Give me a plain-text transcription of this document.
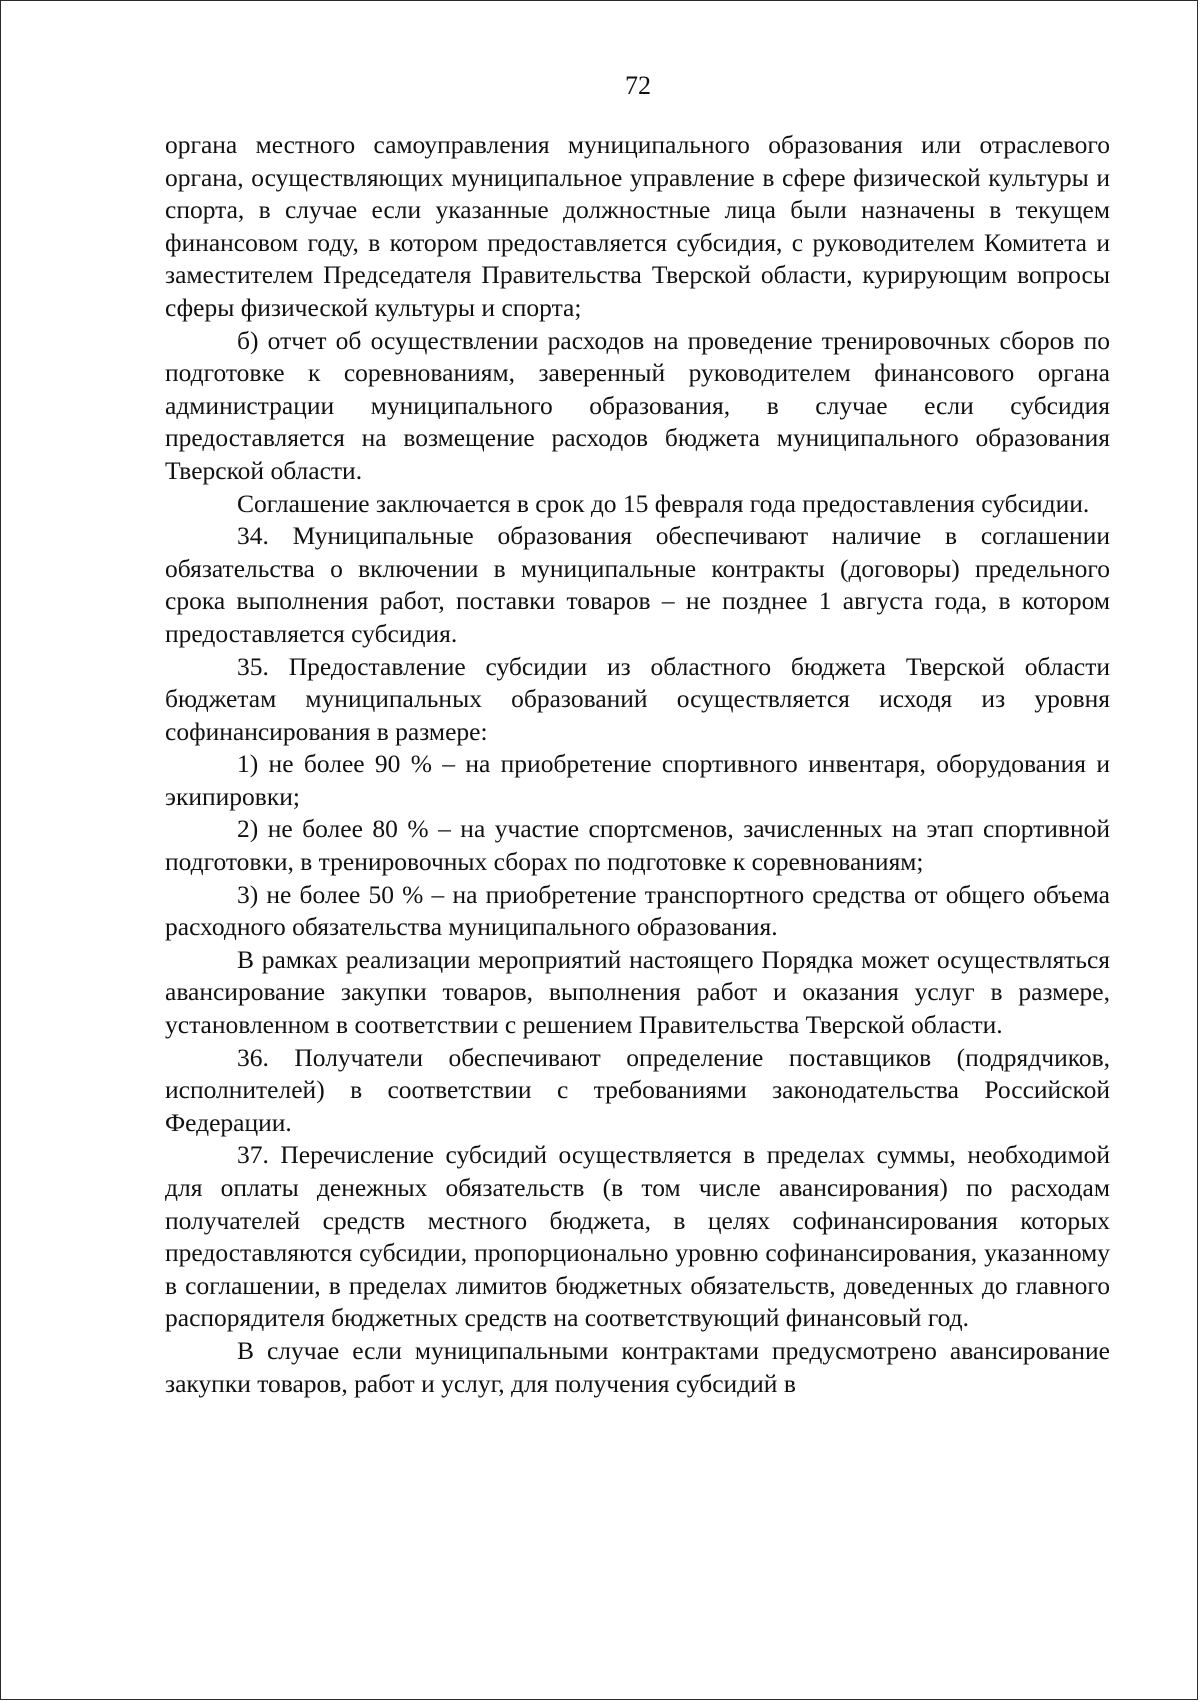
72

органа местного самоуправления муниципального образования или отраслевого органа, осуществляющих муниципальное управление в сфере физической культуры и спорта, в случае если указанные должностные лица были назначены в текущем финансовом году, в котором предоставляется субсидия, с руководителем Комитета и заместителем Председателя Правительства Тверской области, курирующим вопросы сферы физической культуры и спорта;

б) отчет об осуществлении расходов на проведение тренировочных сборов по подготовке к соревнованиям, заверенный руководителем финансового органа администрации муниципального образования, в случае если субсидия предоставляется на возмещение расходов бюджета муниципального образования Тверской области.

Соглашение заключается в срок до 15 февраля года предоставления субсидии.

34. Муниципальные образования обеспечивают наличие в соглашении обязательства о включении в муниципальные контракты (договоры) предельного срока выполнения работ, поставки товаров – не позднее 1 августа года, в котором предоставляется субсидия.

35. Предоставление субсидии из областного бюджета Тверской области бюджетам муниципальных образований осуществляется исходя из уровня софинансирования в размере:

1) не более 90 % – на приобретение спортивного инвентаря, оборудования и экипировки;

2) не более 80 % – на участие спортсменов, зачисленных на этап спортивной подготовки, в тренировочных сборах по подготовке к соревнованиям;

3) не более 50 % – на приобретение транспортного средства от общего объема расходного обязательства муниципального образования.

В рамках реализации мероприятий настоящего Порядка может осуществляться авансирование закупки товаров, выполнения работ и оказания услуг в размере, установленном в соответствии с решением Правительства Тверской области.

36. Получатели обеспечивают определение поставщиков (подрядчиков, исполнителей) в соответствии с требованиями законодательства Российской Федерации.

37. Перечисление субсидий осуществляется в пределах суммы, необходимой для оплаты денежных обязательств (в том числе авансирования) по расходам получателей средств местного бюджета, в целях софинансирования которых предоставляются субсидии, пропорционально уровню софинансирования, указанному в соглашении, в пределах лимитов бюджетных обязательств, доведенных до главного распорядителя бюджетных средств на соответствующий финансовый год.

В случае если муниципальными контрактами предусмотрено авансирование закупки товаров, работ и услуг, для получения субсидий в
